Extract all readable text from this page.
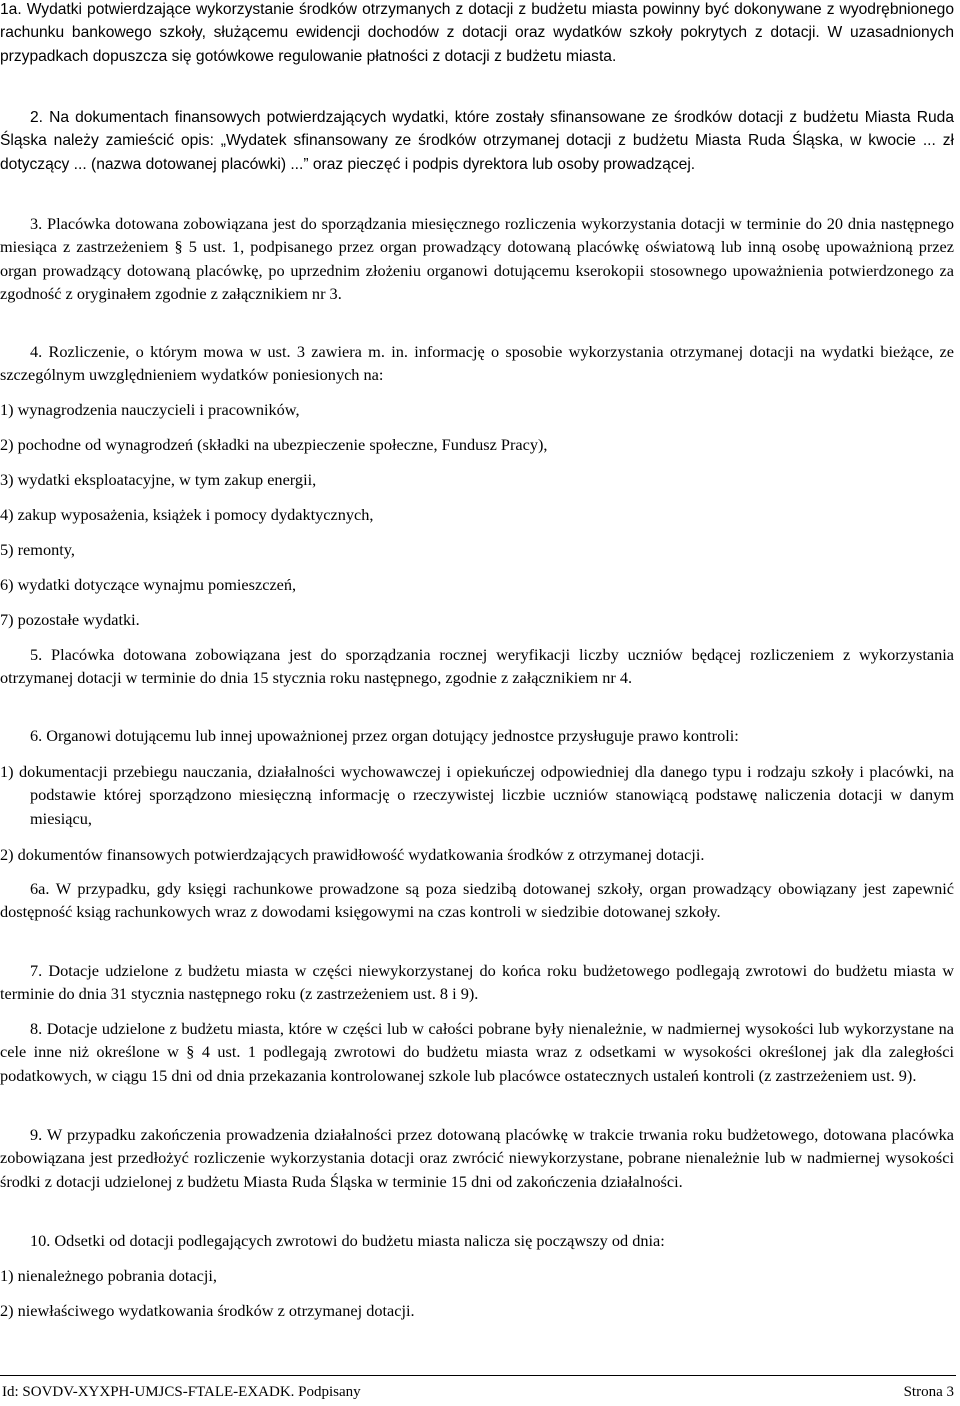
1a. Wydatki potwierdzające wykorzystanie środków otrzymanych z dotacji z budżetu miasta powinny być dokonywane z wyodrębnionego rachunku bankowego szkoły, służącemu ewidencji dochodów z dotacji oraz wydatków szkoły pokrytych z dotacji. W uzasadnionych przypadkach dopuszcza się gotówkowe regulowanie płatności z dotacji z budżetu miasta.

2. Na dokumentach finansowych potwierdzających wydatki, które zostały sfinansowane ze środków dotacji z budżetu Miasta Ruda Śląska należy zamieścić opis: „Wydatek sfinansowany ze środków otrzymanej dotacji z budżetu Miasta Ruda Śląska, w kwocie ... zł dotyczący ... (nazwa dotowanej placówki) ...” oraz pieczęć i podpis dyrektora lub osoby prowadzącej.

3. Placówka dotowana zobowiązana jest do sporządzania miesięcznego rozliczenia wykorzystania dotacji w terminie do 20 dnia następnego miesiąca z zastrzeżeniem § 5 ust. 1, podpisanego przez organ prowadzący dotowaną placówkę oświatową lub inną osobę upoważnioną przez organ prowadzący dotowaną placówkę, po uprzednim złożeniu organowi dotującemu kserokopii stosownego upoważnienia potwierdzonego za zgodność z oryginałem zgodnie z załącznikiem nr 3.

4. Rozliczenie, o którym mowa w ust. 3 zawiera m. in. informację o sposobie wykorzystania otrzymanej dotacji na wydatki bieżące, ze szczególnym uwzględnieniem wydatków poniesionych na:

1) wynagrodzenia nauczycieli i pracowników,

2) pochodne od wynagrodzeń (składki na ubezpieczenie społeczne, Fundusz Pracy),

3) wydatki eksploatacyjne, w tym zakup energii,

4) zakup wyposażenia, książek i pomocy dydaktycznych,

5) remonty,

6) wydatki dotyczące wynajmu pomieszczeń,

7) pozostałe wydatki.

5. Placówka dotowana zobowiązana jest do sporządzania rocznej weryfikacji liczby uczniów będącej rozliczeniem z wykorzystania otrzymanej dotacji w terminie do dnia 15 stycznia roku następnego, zgodnie z załącznikiem nr 4.

6. Organowi dotującemu lub innej upoważnionej przez organ dotujący jednostce przysługuje prawo kontroli:

1) dokumentacji przebiegu nauczania, działalności wychowawczej i opiekuńczej odpowiedniej dla danego typu i rodzaju szkoły i placówki, na podstawie której sporządzono miesięczną informację o rzeczywistej liczbie uczniów stanowiącą podstawę naliczenia dotacji w danym miesiącu,

2) dokumentów finansowych potwierdzających prawidłowość wydatkowania środków z otrzymanej dotacji.

6a. W przypadku, gdy księgi rachunkowe prowadzone są poza siedzibą dotowanej szkoły, organ prowadzący obowiązany jest zapewnić dostępność ksiąg rachunkowych wraz z dowodami księgowymi na czas kontroli w siedzibie dotowanej szkoły.

7. Dotacje udzielone z budżetu miasta w części niewykorzystanej do końca roku budżetowego podlegają zwrotowi do budżetu miasta w terminie do dnia 31 stycznia następnego roku (z zastrzeżeniem ust. 8 i 9).

8. Dotacje udzielone z budżetu miasta, które w części lub w całości pobrane były nienależnie, w nadmiernej wysokości lub wykorzystane na cele inne niż określone w § 4 ust. 1 podlegają zwrotowi do budżetu miasta wraz z odsetkami w wysokości określonej jak dla zaległości podatkowych, w ciągu 15 dni od dnia przekazania kontrolowanej szkole lub placówce ostatecznych ustaleń kontroli (z zastrzeżeniem ust. 9).

9. W przypadku zakończenia prowadzenia działalności przez dotowaną placówkę w trakcie trwania roku budżetowego, dotowana placówka zobowiązana jest przedłożyć rozliczenie wykorzystania dotacji oraz zwrócić niewykorzystane, pobrane nienależnie lub w nadmiernej wysokości środki z dotacji udzielonej z budżetu Miasta Ruda Śląska w terminie 15 dni od zakończenia działalności.

10. Odsetki od dotacji podlegających zwrotowi do budżetu miasta nalicza się począwszy od dnia:

1) nienależnego pobrania dotacji,

2) niewłaściwego wydatkowania środków z otrzymanej dotacji.

Id: SOVDV-XYXPH-UMJCS-FTALE-EXADK. Podpisany	Strona 3
